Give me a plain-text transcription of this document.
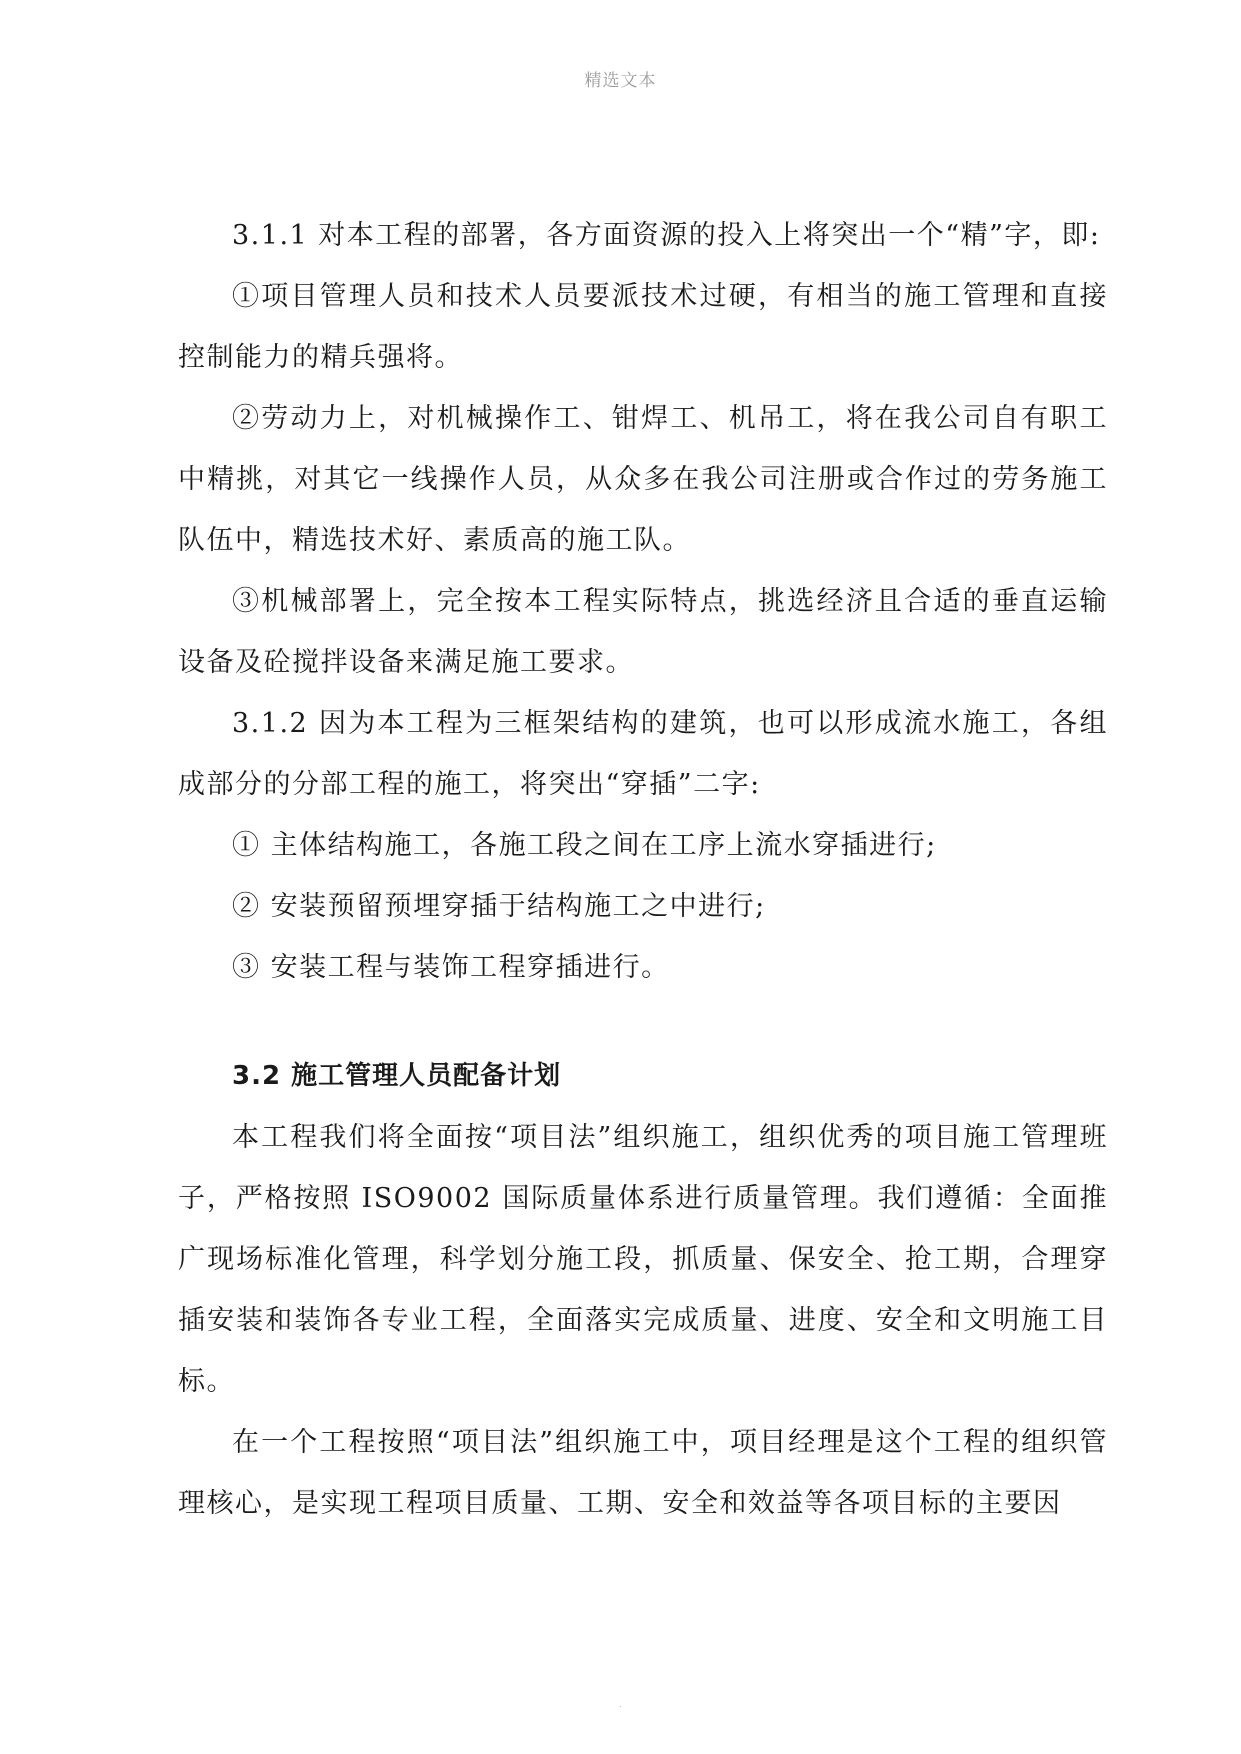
精选文本

3.1.1 对本工程的部署，各方面资源的投入上将突出一个“精”字，即:

①项目管理人员和技术人员要派技术过硬，有相当的施工管理和直接控制能力的精兵强将。

②劳动力上，对机械操作工、钳焊工、机吊工，将在我公司自有职工中精挑，对其它一线操作人员，从众多在我公司注册或合作过的劳务施工队伍中，精选技术好、素质高的施工队。

③机械部署上，完全按本工程实际特点，挑选经济且合适的垂直运输设备及砼搅拌设备来满足施工要求。

3.1.2 因为本工程为三框架结构的建筑，也可以形成流水施工，各组成部分的分部工程的施工，将突出“穿插”二字:

① 主体结构施工，各施工段之间在工序上流水穿插进行;

② 安装预留预埋穿插于结构施工之中进行;

③ 安装工程与装饰工程穿插进行。

3.2 施工管理人员配备计划

本工程我们将全面按“项目法”组织施工，组织优秀的项目施工管理班子，严格按照 ISO9002 国际质量体系进行质量管理。我们遵循：全面推广现场标准化管理，科学划分施工段，抓质量、保安全、抢工期，合理穿插安装和装饰各专业工程，全面落实完成质量、进度、安全和文明施工目标。

在一个工程按照“项目法”组织施工中，项目经理是这个工程的组织管理核心，是实现工程项目质量、工期、安全和效益等各项目标的主要因

.
